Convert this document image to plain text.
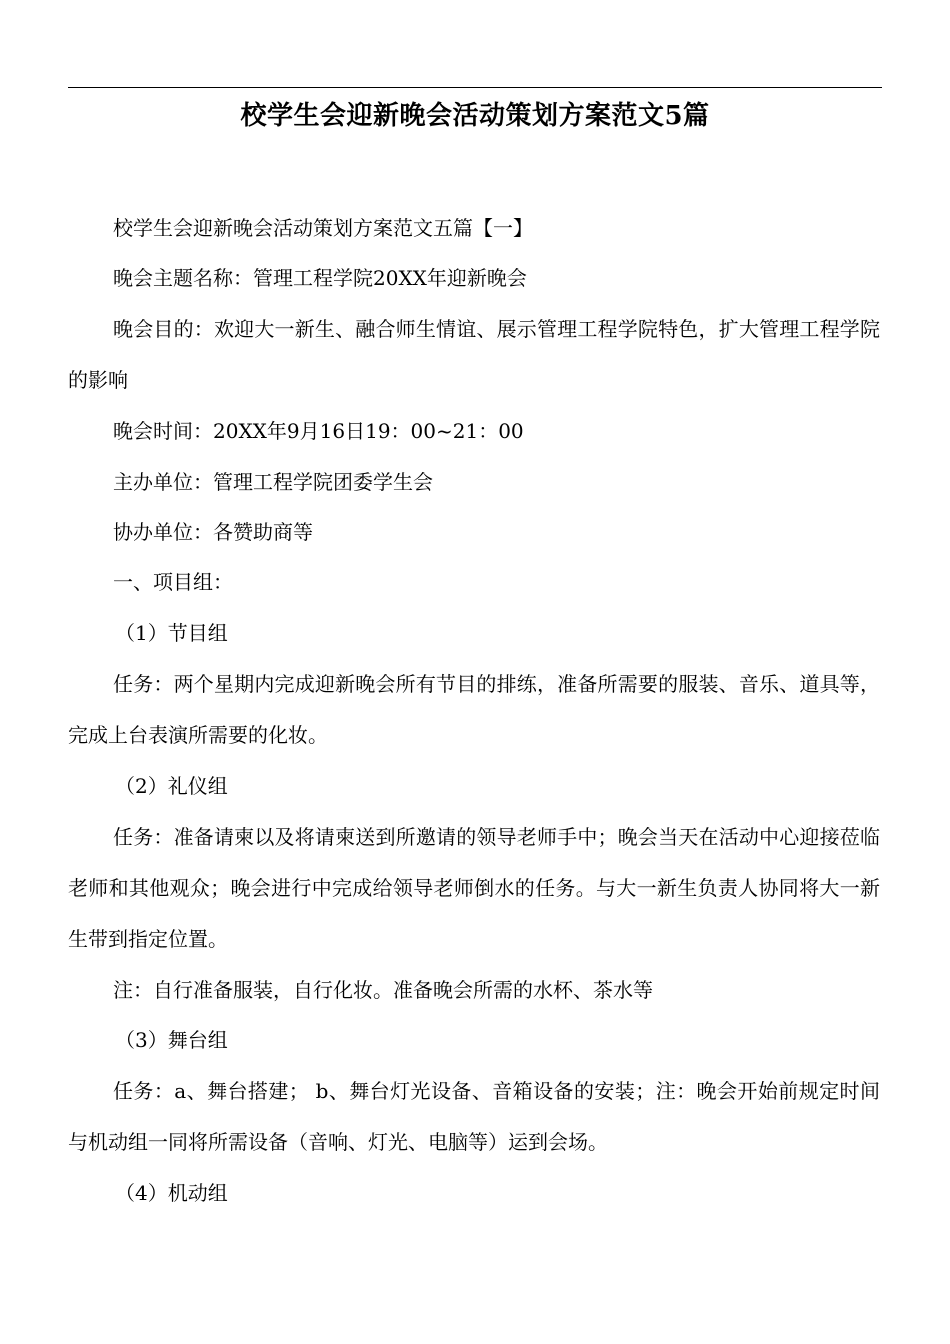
校学生会迎新晚会活动策划方案范文5篇

校学生会迎新晚会活动策划方案范文五篇【一】

晚会主题名称：管理工程学院20XX年迎新晚会

晚会目的：欢迎大一新生、融合师生情谊、展示管理工程学院特色，扩大管理工程学院的影响

晚会时间：20XX年9月16日19：00~21：00

主办单位：管理工程学院团委学生会

协办单位：各赞助商等

一、项目组：

（1）节目组

任务：两个星期内完成迎新晚会所有节目的排练，准备所需要的服装、音乐、道具等，完成上台表演所需要的化妆。

（2）礼仪组

任务：准备请柬以及将请柬送到所邀请的领导老师手中；晚会当天在活动中心迎接莅临老师和其他观众；晚会进行中完成给领导老师倒水的任务。与大一新生负责人协同将大一新生带到指定位置。

注：自行准备服装，自行化妆。准备晚会所需的水杯、茶水等

（3）舞台组

任务：a、舞台搭建； b、舞台灯光设备、音箱设备的安装；注：晚会开始前规定时间与机动组一同将所需设备（音响、灯光、电脑等）运到会场。

（4）机动组
